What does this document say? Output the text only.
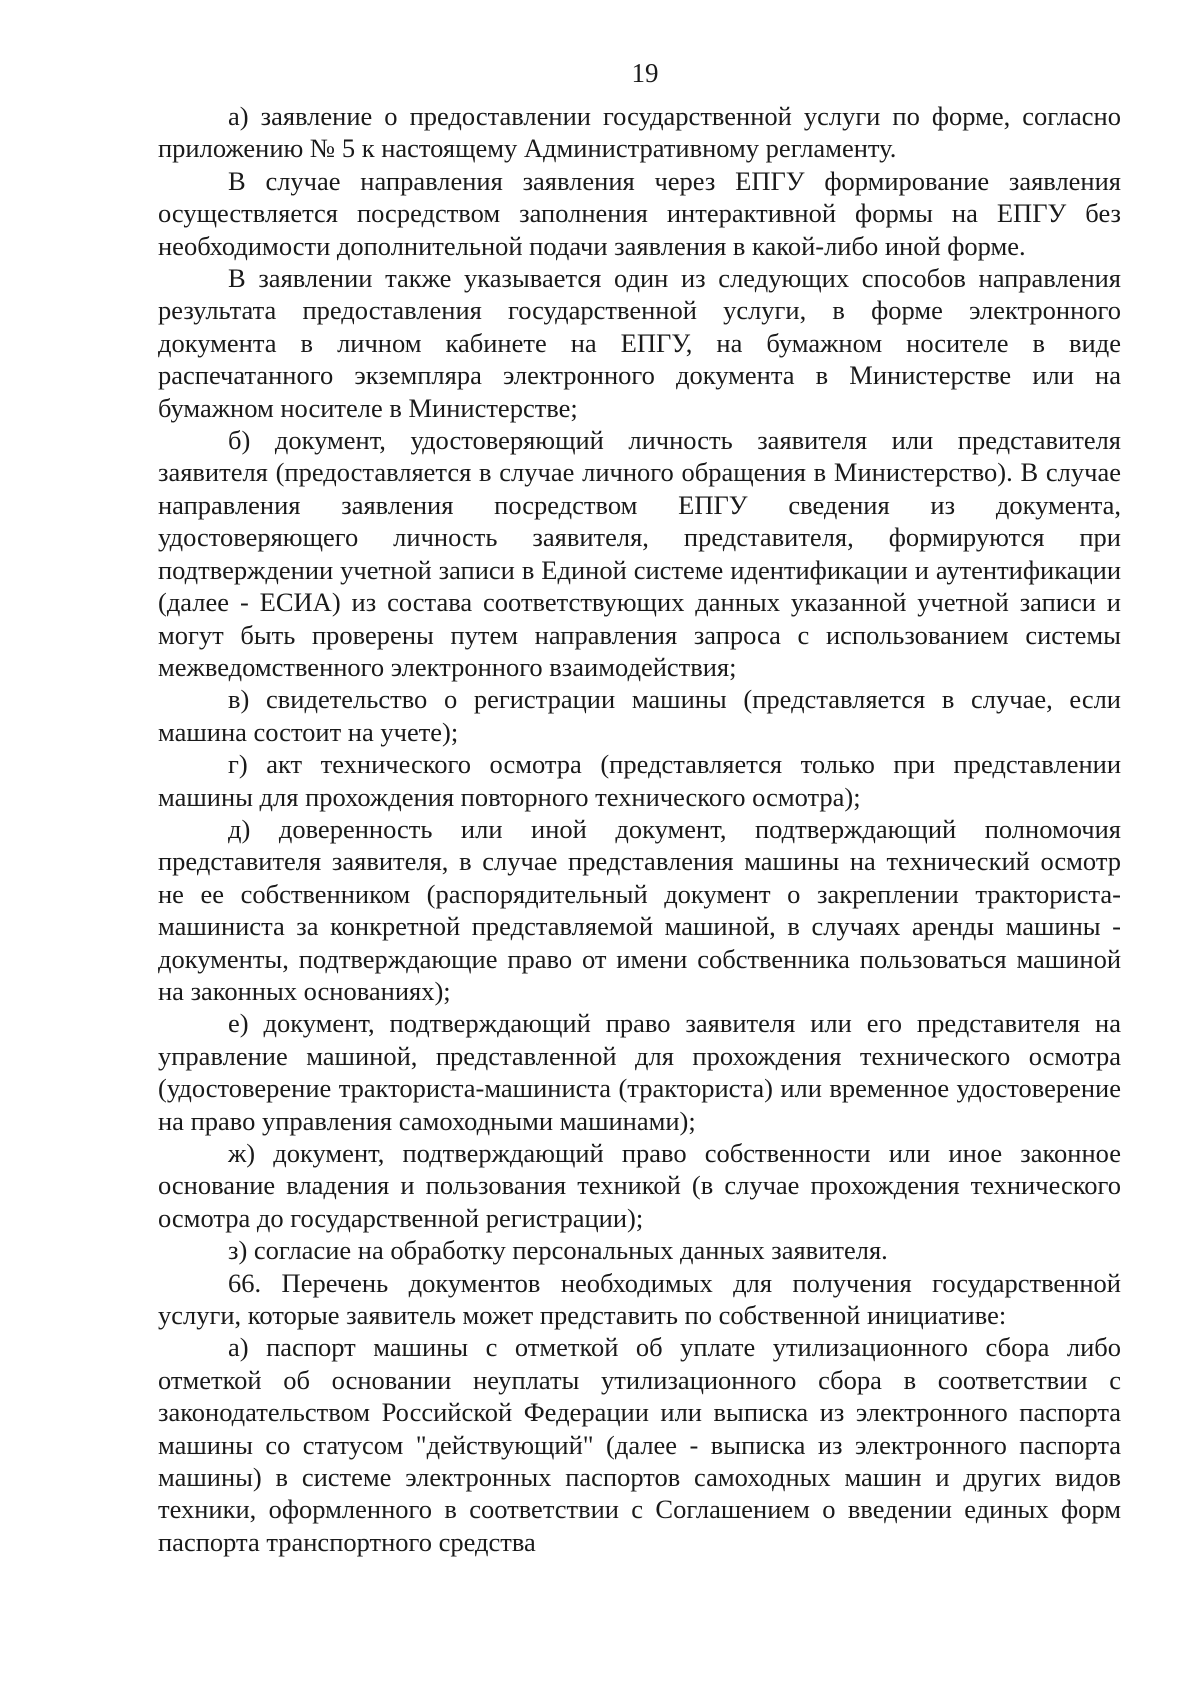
19

а) заявление о предоставлении государственной услуги по форме, согласно приложению № 5 к настоящему Административному регламенту.

В случае направления заявления через ЕПГУ формирование заявления осуществляется посредством заполнения интерактивной формы на ЕПГУ без необходимости дополнительной подачи заявления в какой-либо иной форме.

В заявлении также указывается один из следующих способов направления результата предоставления государственной услуги, в форме электронного документа в личном кабинете на ЕПГУ, на бумажном носителе в виде распечатанного экземпляра электронного документа в Министерстве или на бумажном носителе в Министерстве;

б) документ, удостоверяющий личность заявителя или представителя заявителя (предоставляется в случае личного обращения в Министерство). В случае направления заявления посредством ЕПГУ сведения из документа, удостоверяющего личность заявителя, представителя, формируются при подтверждении учетной записи в Единой системе идентификации и аутентификации (далее - ЕСИА) из состава соответствующих данных указанной учетной записи и могут быть проверены путем направления запроса с использованием системы межведомственного электронного взаимодействия;

в) свидетельство о регистрации машины (представляется в случае, если машина состоит на учете);

г) акт технического осмотра (представляется только при представлении машины для прохождения повторного технического осмотра);

д) доверенность или иной документ, подтверждающий полномочия представителя заявителя, в случае представления машины на технический осмотр не ее собственником (распорядительный документ о закреплении тракториста-машиниста за конкретной представляемой машиной, в случаях аренды машины - документы, подтверждающие право от имени собственника пользоваться машиной на законных основаниях);

е) документ, подтверждающий право заявителя или его представителя на управление машиной, представленной для прохождения технического осмотра (удостоверение тракториста-машиниста (тракториста) или временное удостоверение на право управления самоходными машинами);

ж) документ, подтверждающий право собственности или иное законное основание владения и пользования техникой (в случае прохождения технического осмотра до государственной регистрации);

з) согласие на обработку персональных данных заявителя.

66. Перечень документов необходимых для получения государственной услуги, которые заявитель может представить по собственной инициативе:

а) паспорт машины с отметкой об уплате утилизационного сбора либо отметкой об основании неуплаты утилизационного сбора в соответствии с законодательством Российской Федерации или выписка из электронного паспорта машины со статусом "действующий" (далее - выписка из электронного паспорта машины) в системе электронных паспортов самоходных машин и других видов техники, оформленного в соответствии с Соглашением о введении единых форм паспорта транспортного средства
